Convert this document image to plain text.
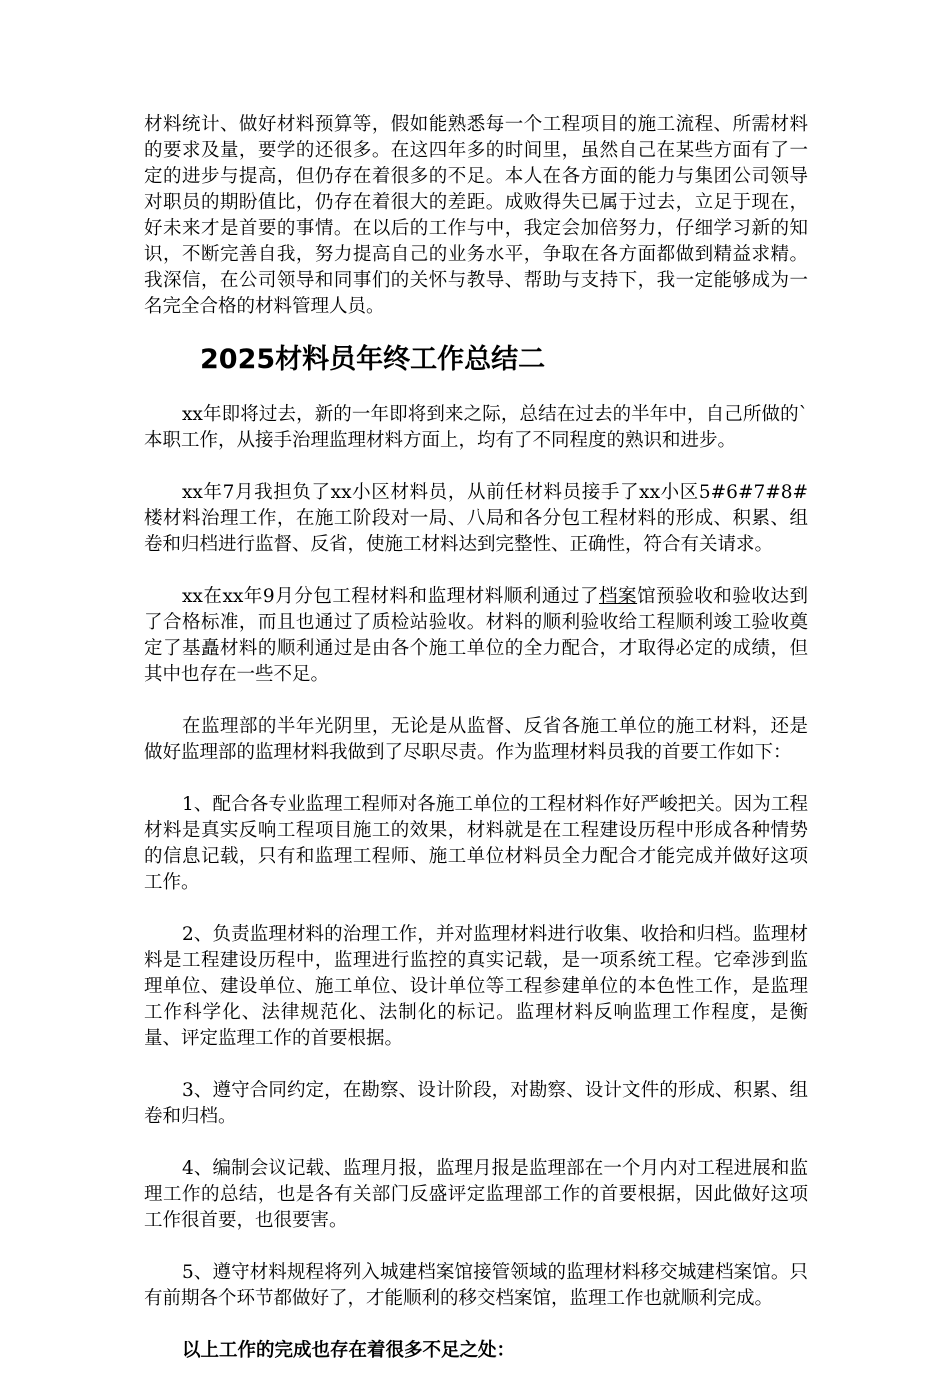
材料统计、做好材料预算等，假如能熟悉每一个工程项目的施工流程、所需材料的要求及量，要学的还很多。在这四年多的时间里，虽然自己在某些方面有了一定的进步与提高，但仍存在着很多的不足。本人在各方面的能力与集团公司领导对职员的期盼值比，仍存在着很大的差距。成败得失已属于过去，立足于现在，好未来才是首要的事情。在以后的工作与中，我定会加倍努力，仔细学习新的知识，不断完善自我，努力提高自己的业务水平，争取在各方面都做到精益求精。我深信，在公司领导和同事们的关怀与教导、帮助与支持下，我一定能够成为一名完全合格的材料管理人员。

2025材料员年终工作总结二

xx年即将过去，新的一年即将到来之际，总结在过去的半年中，自己所做的`本职工作，从接手治理监理材料方面上，均有了不同程度的熟识和进步。

xx年7月我担负了xx小区材料员，从前任材料员接手了xx小区5#6#7#8#楼材料治理工作，在施工阶段对一局、八局和各分包工程材料的形成、积累、组卷和归档进行监督、反省，使施工材料达到完整性、正确性，符合有关请求。

xx在xx年9月分包工程材料和监理材料顺利通过了档案馆预验收和验收达到了合格标准，而且也通过了质检站验收。材料的顺利验收给工程顺利竣工验收奠定了基矗材料的顺利通过是由各个施工单位的全力配合，才取得必定的成绩，但其中也存在一些不足。

在监理部的半年光阴里，无论是从监督、反省各施工单位的施工材料，还是做好监理部的监理材料我做到了尽职尽责。作为监理材料员我的首要工作如下：

1、配合各专业监理工程师对各施工单位的工程材料作好严峻把关。因为工程材料是真实反响工程项目施工的效果，材料就是在工程建设历程中形成各种情势的信息记载，只有和监理工程师、施工单位材料员全力配合才能完成并做好这项工作。

2、负责监理材料的治理工作，并对监理材料进行收集、收拾和归档。监理材料是工程建设历程中，监理进行监控的真实记载，是一项系统工程。它牵涉到监理单位、建设单位、施工单位、设计单位等工程参建单位的本色性工作，是监理工作科学化、法律规范化、法制化的标记。监理材料反响监理工作程度，是衡量、评定监理工作的首要根据。

3、遵守合同约定，在勘察、设计阶段，对勘察、设计文件的形成、积累、组卷和归档。

4、编制会议记载、监理月报，监理月报是监理部在一个月内对工程进展和监理工作的总结，也是各有关部门反盛评定监理部工作的首要根据，因此做好这项工作很首要，也很要害。

5、遵守材料规程将列入城建档案馆接管领域的监理材料移交城建档案馆。只有前期各个环节都做好了，才能顺利的移交档案馆，监理工作也就顺利完成。

以上工作的完成也存在着很多不足之处：
